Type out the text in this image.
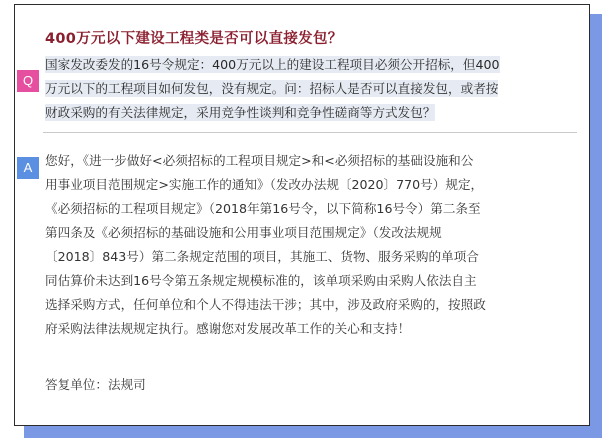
400万元以下建设工程类是否可以直接发包？
Q
国家发改委发的16号令规定：400万元以上的建设工程项目必须公开招标，但400
万元以下的工程项目如何发包，没有规定。问：招标人是否可以直接发包，或者按
财政采购的有关法律规定，采用竞争性谈判和竞争性磋商等方式发包？
A	您好，《进一步做好<必须招标的工程项目规定>和<必须招标的基础设施和公
用事业项目范围规定>实施工作的通知》（发改办法规〔2020〕770号）规定，
《必须招标的工程项目规定》（2018年第16号令，以下简称16号令）第二条至
第四条及《必须招标的基础设施和公用事业项目范围规定》（发改法规规
〔2018〕843号）第二条规定范围的项目，其施工、货物、服务采购的单项合
同估算价未达到16号令第五条规定规模标准的，该单项采购由采购人依法自主
选择采购方式，任何单位和个人不得违法干涉；其中，涉及政府采购的，按照政
府采购法律法规规定执行。感谢您对发展改革工作的关心和支持！
答复单位：法规司
